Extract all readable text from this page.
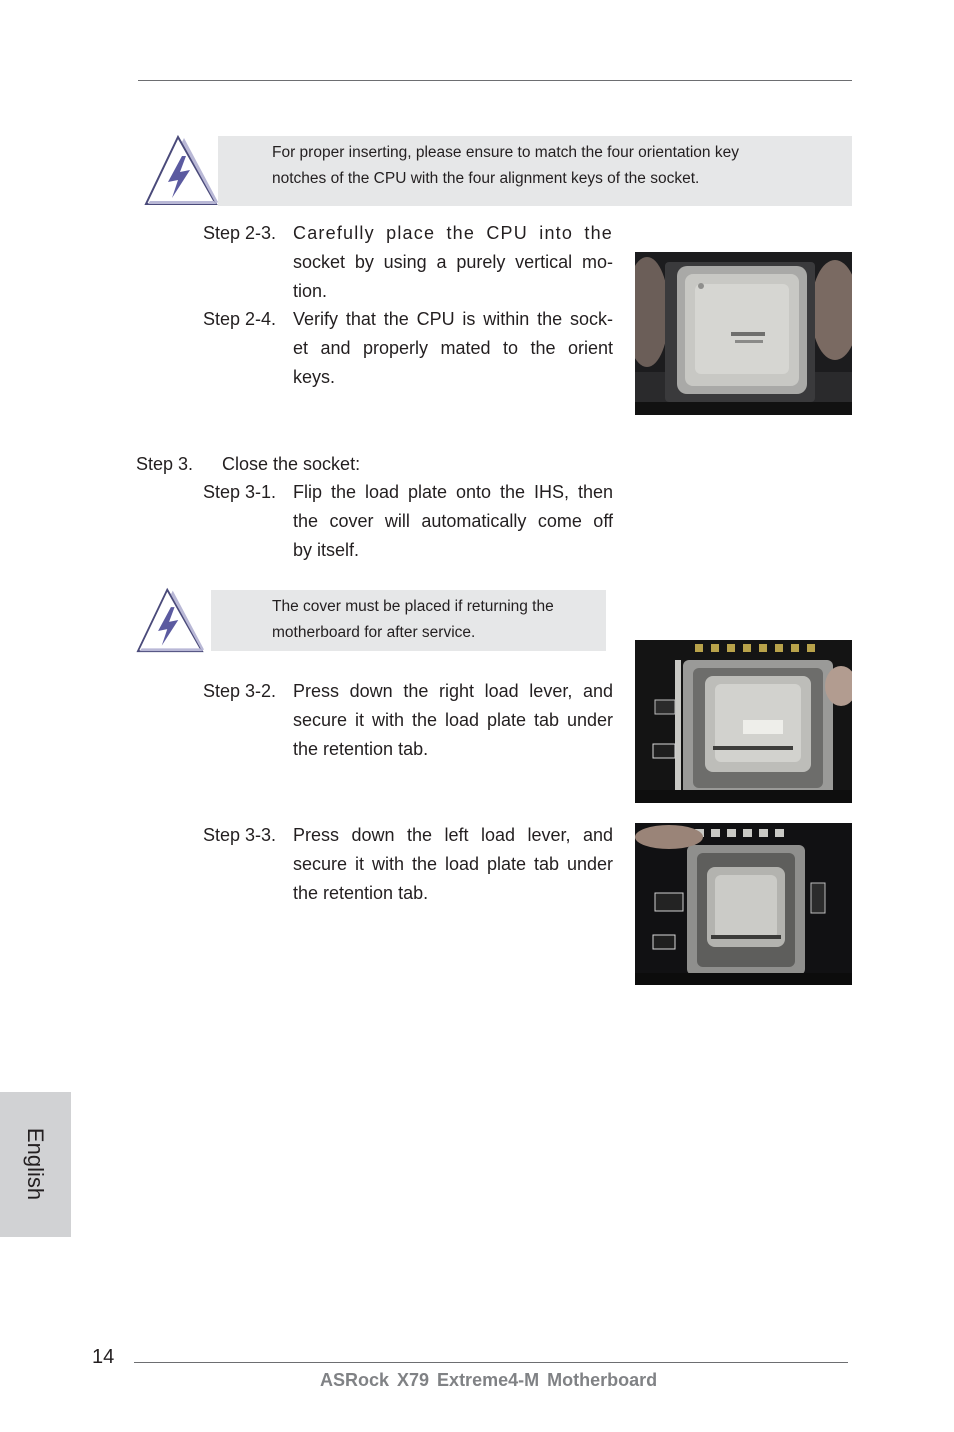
For proper inserting, please ensure to match the four orientation key
notches of the CPU with the four alignment keys of the socket.
Step 2-3. Carefully place the CPU into the
socket by using a purely vertical mo-
tion.
Step 2-4. Verify that the CPU is within the sock-
et and properly mated to the orient
keys.
Step 3. Close the socket:
Step 3-1. Flip the load plate onto the IHS, then
the cover will automatically come off
by itself.
The cover must be placed if returning the
motherboard for after service.
Step 3-2. Press down the right load lever, and
secure it with the load plate tab under
the retention tab.
Step 3-3. Press down the left load lever, and
secure it with the load plate tab under
the retention tab.
English
14
ASRock X79 Extreme4-M Motherboard
